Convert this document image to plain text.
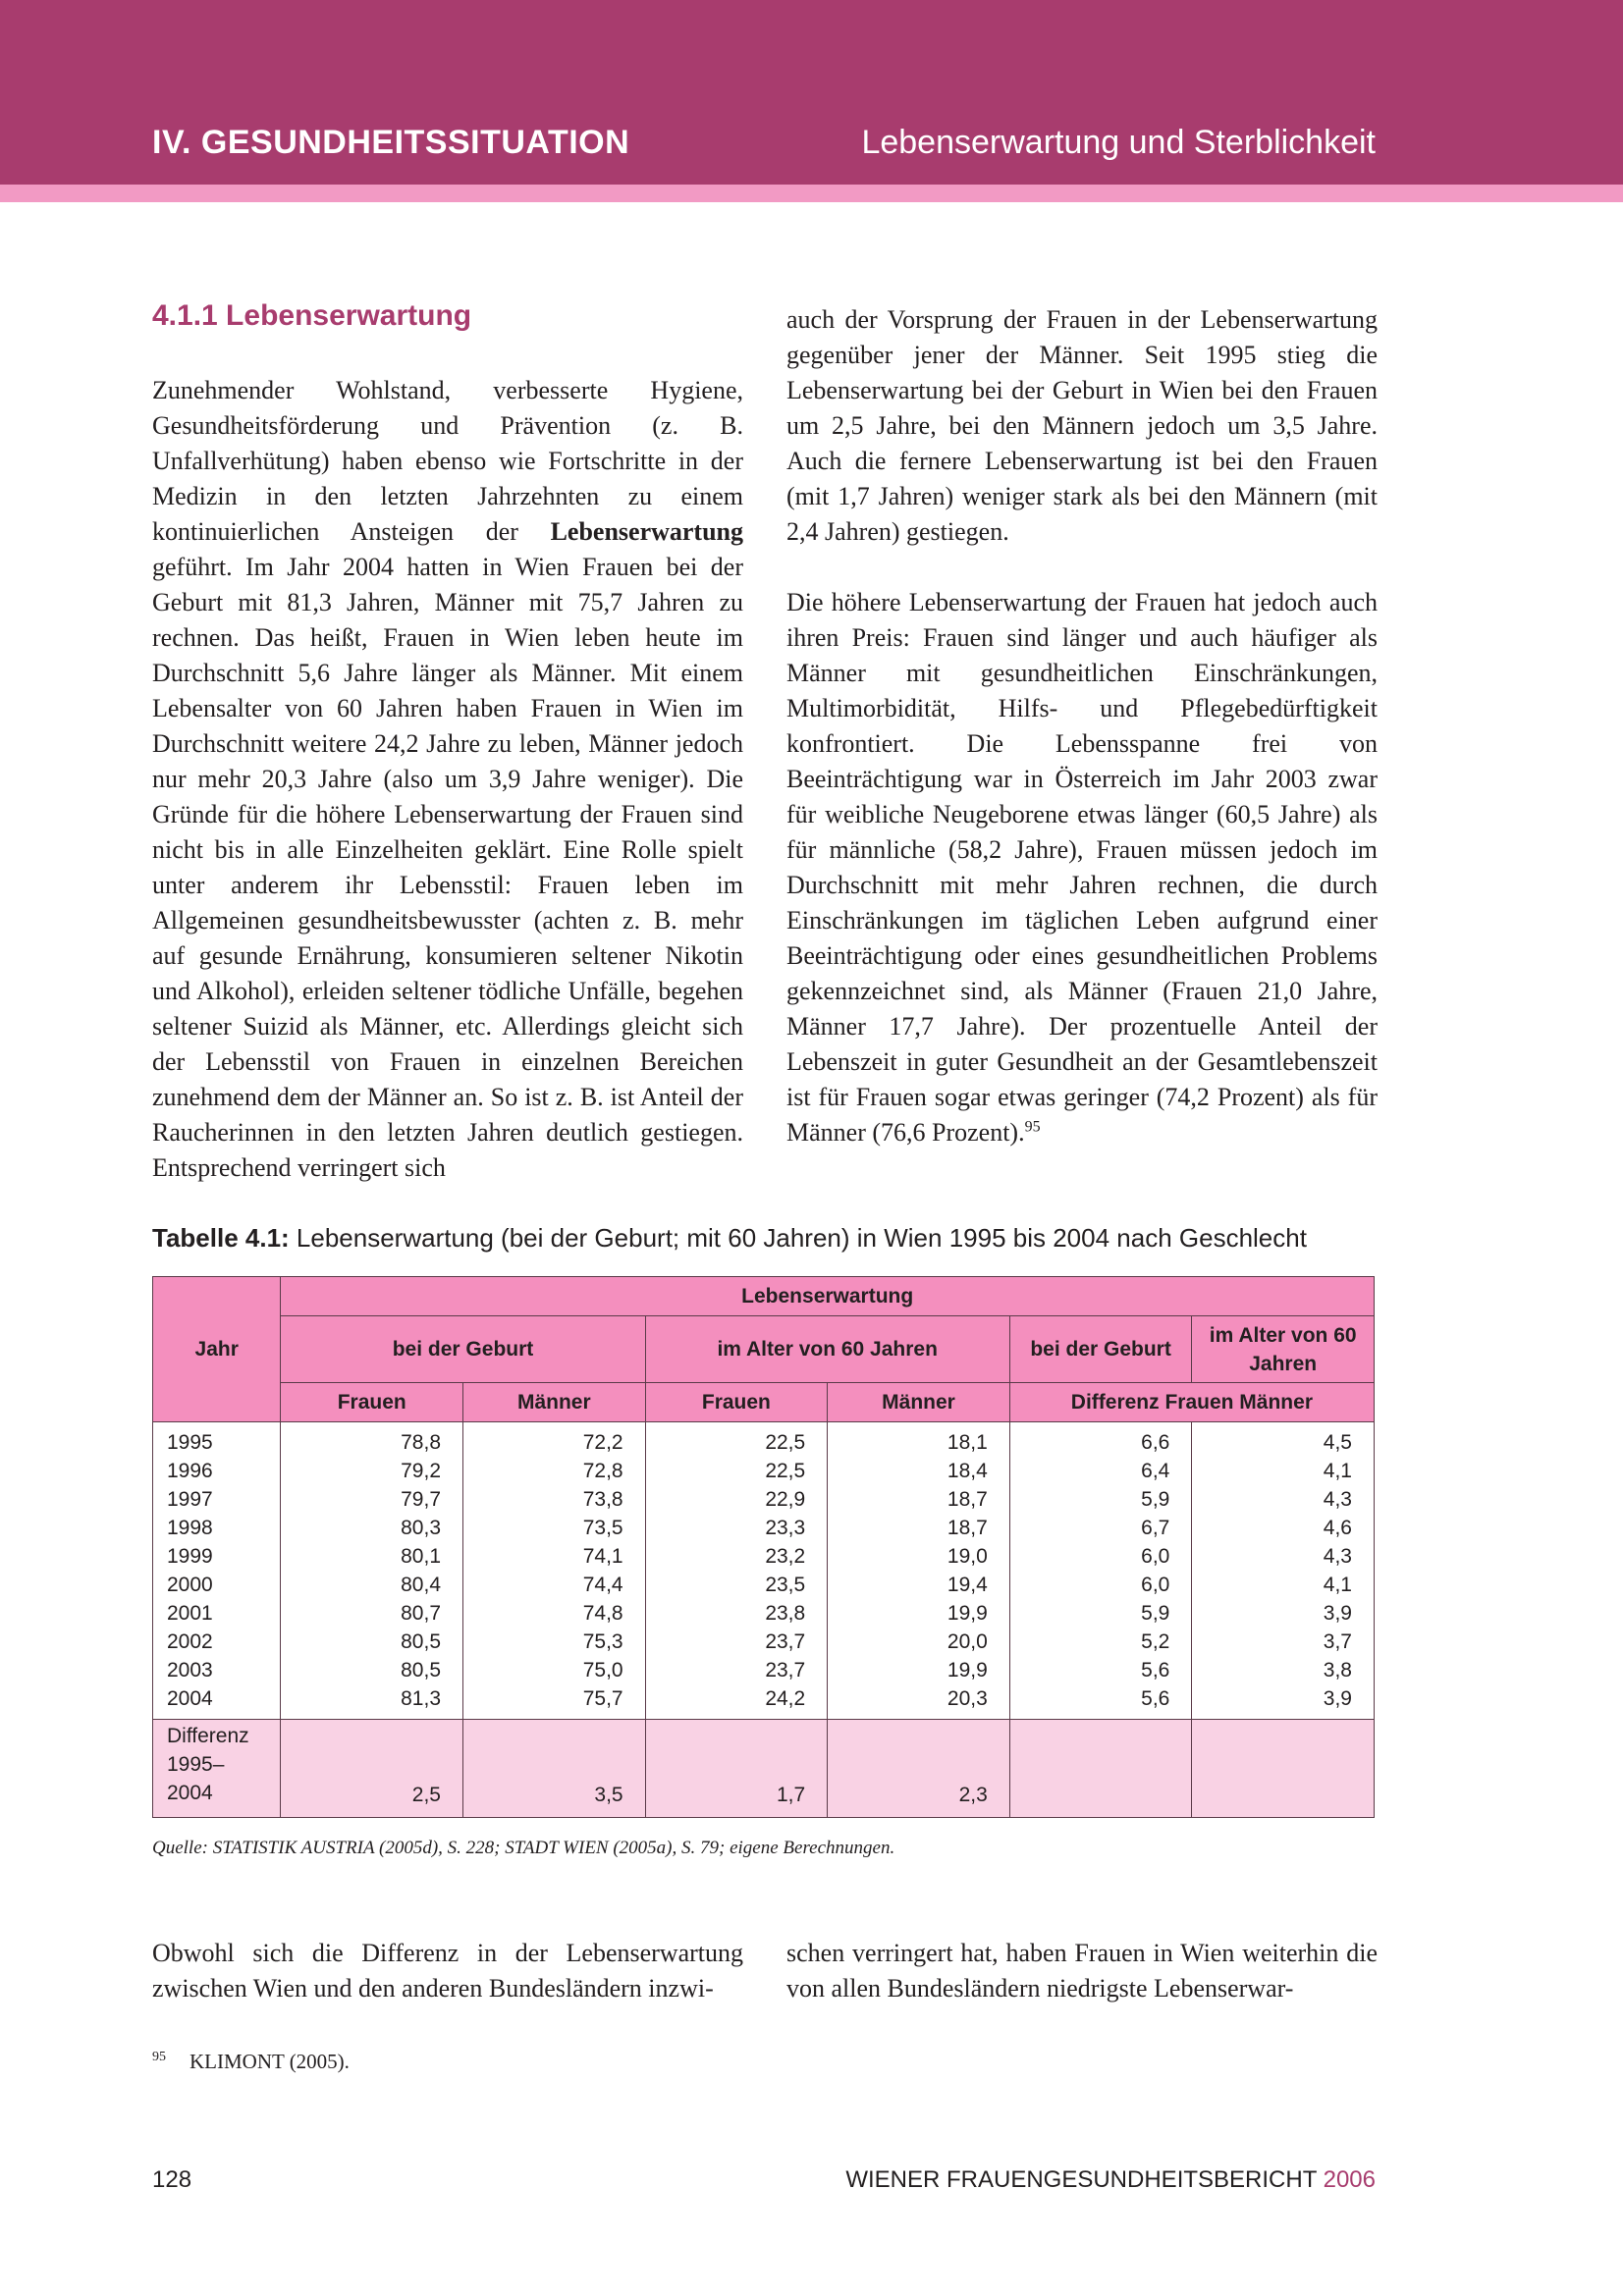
IV. GESUNDHEITSSITUATION	Lebenserwartung und Sterblichkeit
4.1.1 Lebenserwartung

Zunehmender Wohlstand, verbesserte Hygiene, Gesundheitsförderung und Prävention (z. B. Unfallverhütung) haben ebenso wie Fortschritte in der Medizin in den letzten Jahrzehnten zu einem kontinuierlichen Ansteigen der Lebenserwartung geführt. Im Jahr 2004 hatten in Wien Frauen bei der Geburt mit 81,3 Jahren, Männer mit 75,7 Jahren zu rechnen. Das heißt, Frauen in Wien leben heute im Durchschnitt 5,6 Jahre länger als Männer. Mit einem Lebensalter von 60 Jahren haben Frauen in Wien im Durchschnitt weitere 24,2 Jahre zu leben, Männer jedoch nur mehr 20,3 Jahre (also um 3,9 Jahre weniger). Die Gründe für die höhere Lebenserwartung der Frauen sind nicht bis in alle Einzelheiten geklärt. Eine Rolle spielt unter anderem ihr Lebensstil: Frauen leben im Allgemeinen gesundheitsbewusster (achten z. B. mehr auf gesunde Ernährung, konsumieren seltener Nikotin und Alkohol), erleiden seltener tödliche Unfälle, begehen seltener Suizid als Männer, etc. Allerdings gleicht sich der Lebensstil von Frauen in einzelnen Bereichen zunehmend dem der Männer an. So ist z. B. ist Anteil der Raucherinnen in den letzten Jahren deutlich gestiegen. Entsprechend verringert sich

auch der Vorsprung der Frauen in der Lebenserwartung gegenüber jener der Männer. Seit 1995 stieg die Lebenserwartung bei der Geburt in Wien bei den Frauen um 2,5 Jahre, bei den Männern jedoch um 3,5 Jahre. Auch die fernere Lebenserwartung ist bei den Frauen (mit 1,7 Jahren) weniger stark als bei den Männern (mit 2,4 Jahren) gestiegen.

Die höhere Lebenserwartung der Frauen hat jedoch auch ihren Preis: Frauen sind länger und auch häufiger als Männer mit gesundheitlichen Einschränkungen, Multimorbidität, Hilfs- und Pflegebedürftigkeit konfrontiert. Die Lebensspanne frei von Beeinträchtigung war in Österreich im Jahr 2003 zwar für weibliche Neugeborene etwas länger (60,5 Jahre) als für männliche (58,2 Jahre), Frauen müssen jedoch im Durchschnitt mit mehr Jahren rechnen, die durch Einschränkungen im täglichen Leben aufgrund einer Beeinträchtigung oder eines gesundheitlichen Problems gekennzeichnet sind, als Männer (Frauen 21,0 Jahre, Männer 17,7 Jahre). Der prozentuelle Anteil der Lebenszeit in guter Gesundheit an der Gesamtlebenszeit ist für Frauen sogar etwas geringer (74,2 Prozent) als für Männer (76,6 Prozent).$^{95}$

Tabelle 4.1: Lebenserwartung (bei der Geburt; mit 60 Jahren) in Wien 1995 bis 2004 nach Geschlecht
Jahr	Lebenserwartung					
	bei der Geburt		im Alter von 60 Jahren		bei der Geburt	im Alter von 60 Jahren
	Frauen	Männer	Frauen	Männer	Differenz Frauen Männer	
1995	78,8	72,2	22,5	18,1	6,6	4,5
1996	79,2	72,8	22,5	18,4	6,4	4,1
1997	79,7	73,8	22,9	18,7	5,9	4,3
1998	80,3	73,5	23,3	18,7	6,7	4,6
1999	80,1	74,1	23,2	19,0	6,0	4,3
2000	80,4	74,4	23,5	19,4	6,0	4,1
2001	80,7	74,8	23,8	19,9	5,9	3,9
2002	80,5	75,3	23,7	20,0	5,2	3,7
2003	80,5	75,0	23,7	19,9	5,6	3,8
2004	81,3	75,7	24,2	20,3	5,6	3,9

Differenz
1995–2004	2,5	3,5	1,7	2,3		
Quelle: STATISTIK AUSTRIA (2005d), S. 228; STADT WIEN (2005a), S. 79; eigene Berechnungen.
Obwohl sich die Differenz in der Lebenserwartung zwischen Wien und den anderen Bundesländern inzwi-
schen verringert hat, haben Frauen in Wien weiterhin die von allen Bundesländern niedrigste Lebenserwar-
$^{95}$ KLIMONT (2005).
128	WIENER FRAUENGESUNDHEITSBERICHT 2006
